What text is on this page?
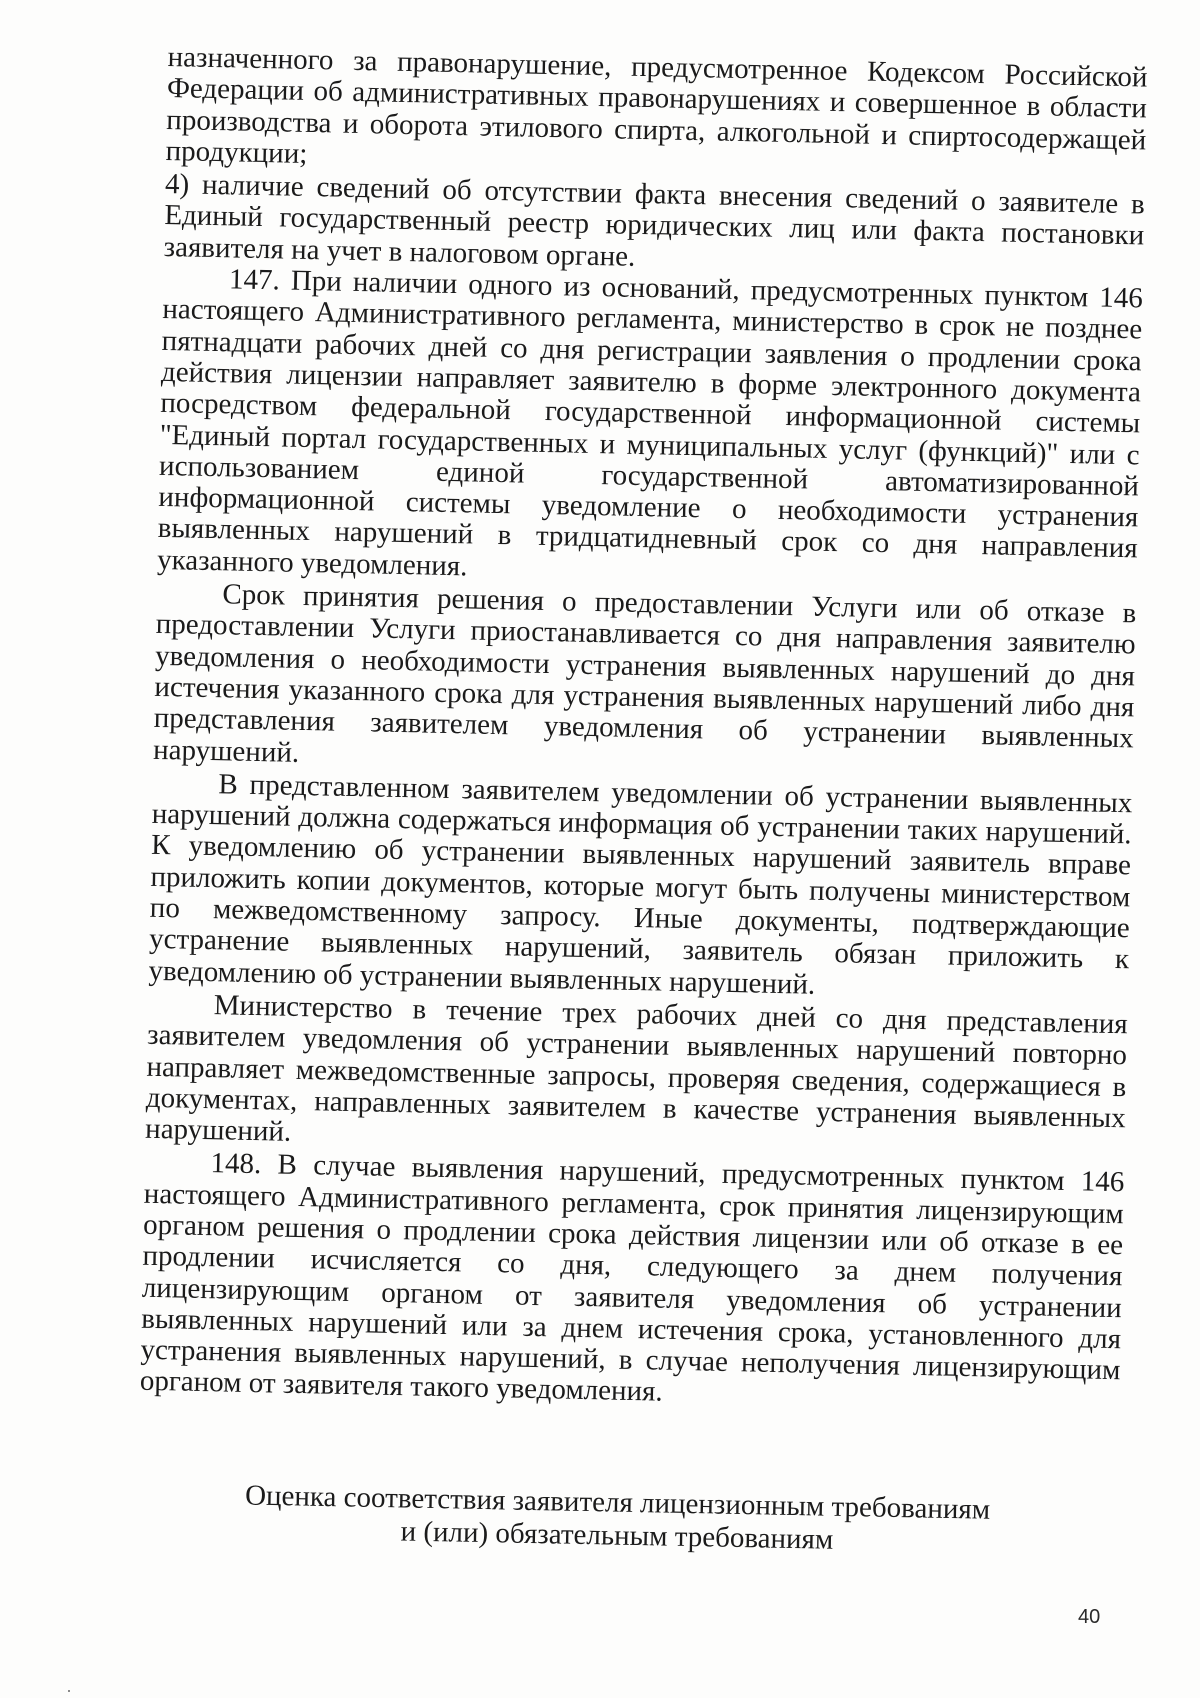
назначенного за правонарушение, предусмотренное Кодексом Российской Федерации об административных правонарушениях и совершенное в области производства и оборота этилового спирта, алкогольной и спиртосодержащей продукции;

4) наличие сведений об отсутствии факта внесения сведений о заявителе в Единый государственный реестр юридических лиц или факта постановки заявителя на учет в налоговом органе.

147. При наличии одного из оснований, предусмотренных пунктом 146 настоящего Административного регламента, министерство в срок не позднее пятнадцати рабочих дней со дня регистрации заявления о продлении срока действия лицензии направляет заявителю в форме электронного документа посредством федеральной государственной информационной системы "Единый портал государственных и муниципальных услуг (функций)" или с использованием единой государственной автоматизированной информационной системы уведомление о необходимости устранения выявленных нарушений в тридцатидневный срок со дня направления указанного уведомления.

Срок принятия решения о предоставлении Услуги или об отказе в предоставлении Услуги приостанавливается со дня направления заявителю уведомления о необходимости устранения выявленных нарушений до дня истечения указанного срока для устранения выявленных нарушений либо дня представления заявителем уведомления об устранении выявленных нарушений.

В представленном заявителем уведомлении об устранении выявленных нарушений должна содержаться информация об устранении таких нарушений. К уведомлению об устранении выявленных нарушений заявитель вправе приложить копии документов, которые могут быть получены министерством по межведомственному запросу. Иные документы, подтверждающие устранение выявленных нарушений, заявитель обязан приложить к уведомлению об устранении выявленных нарушений.

Министерство в течение трех рабочих дней со дня представления заявителем уведомления об устранении выявленных нарушений повторно направляет межведомственные запросы, проверяя сведения, содержащиеся в документах, направленных заявителем в качестве устранения выявленных нарушений.

148. В случае выявления нарушений, предусмотренных пунктом 146 настоящего Административного регламента, срок принятия лицензирующим органом решения о продлении срока действия лицензии или об отказе в ее продлении исчисляется со дня, следующего за днем получения лицензирующим органом от заявителя уведомления об устранении выявленных нарушений или за днем истечения срока, установленного для устранения выявленных нарушений, в случае неполучения лицензирующим органом от заявителя такого уведомления.

Оценка соответствия заявителя лицензионным требованиям
и (или) обязательным требованиям
40
